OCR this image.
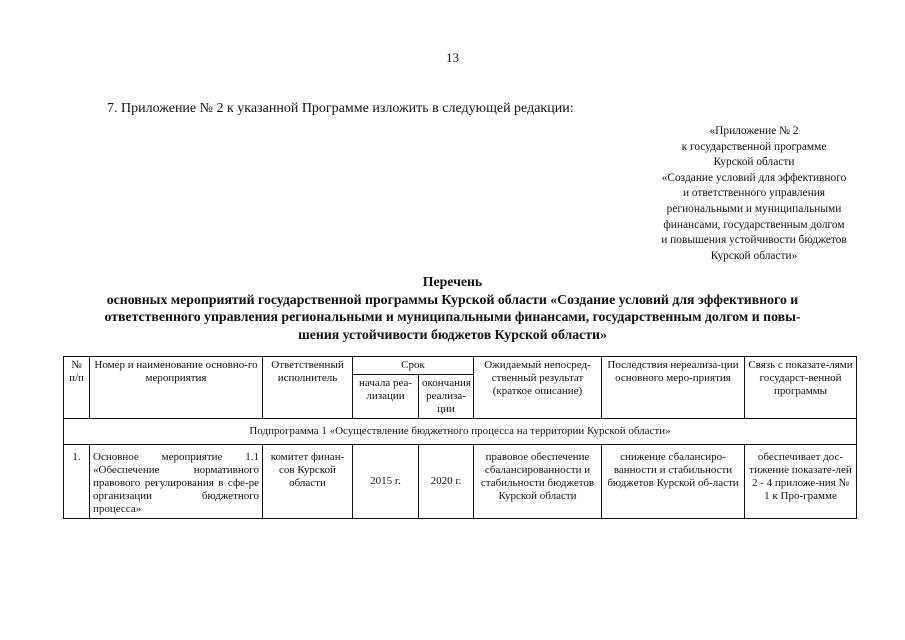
13
7. Приложение № 2 к указанной Программе изложить в следующей редакции:
«Приложение № 2
к государственной программе
Курской области
«Создание условий для эффективного
и ответственного управления
региональными и муниципальными
финансами, государственным долгом
и повышения устойчивости бюджетов
Курской области»
Перечень
основных мероприятий государственной программы Курской области «Создание условий для эффективного и
ответственного управления региональными и муниципальными финансами, государственным долгом и повы-
шения устойчивости бюджетов Курской области»
№ п/п	Номер и наименование основно-го мероприятия	Ответственный исполнитель	Срок		Ожидаемый непосред-ственный результат (краткое описание)	Последствия нереализа-ции основного меро-приятия	Связь с показате-лями государст-венной программы
			начала реа-лизации	окончания реализа-ции			
Подпрограмма 1 «Осуществление бюджетного процесса на территории Курской области»							
1.	Основное мероприятие 1.1 «Обеспечение нормативного правового регулирования в сфе-ре организации бюджетного процесса»	комитет финан-сов Курской области	2015 г.	2020 г.	правовое обеспечение сбалансированности и стабильности бюджетов Курской области	снижение сбалансиро-ванности и стабильности бюджетов Курской об-ласти	обеспечивает дос-тижение показате-лей 2 - 4 приложе-ния № 1 к Про-грамме
